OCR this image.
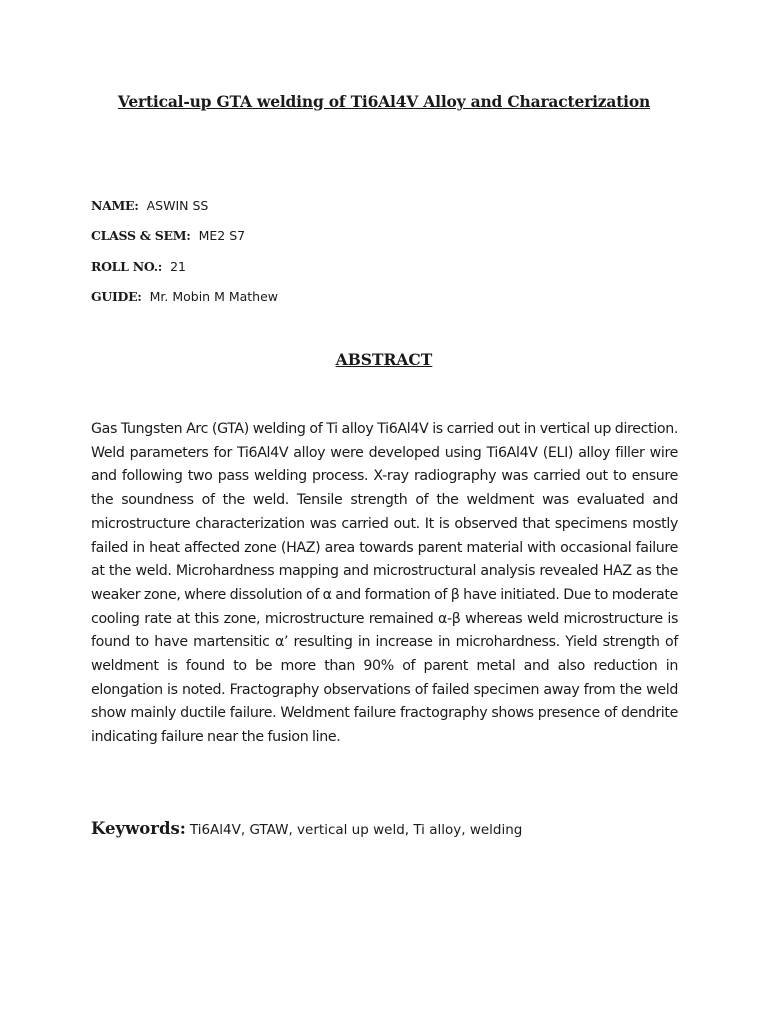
Vertical-up GTA welding of Ti6Al4V Alloy and Characterization
NAME: ASWIN SS
CLASS & SEM: ME2 S7
ROLL NO.: 21
GUIDE: Mr. Mobin M Mathew
ABSTRACT
Gas Tungsten Arc (GTA) welding of Ti alloy Ti6Al4V is carried out in vertical up direction. Weld parameters for Ti6Al4V alloy were developed using Ti6Al4V (ELI) alloy filler wire and following two pass welding process. X-ray radiography was carried out to ensure the soundness of the weld. Tensile strength of the weldment was evaluated and microstructure characterization was carried out. It is observed that specimens mostly failed in heat affected zone (HAZ) area towards parent material with occasional failure at the weld. Microhardness mapping and microstructural analysis revealed HAZ as the weaker zone, where dissolution of α and formation of β have initiated. Due to moderate cooling rate at this zone, microstructure remained α-β whereas weld microstructure is found to have martensitic α’ resulting in increase in microhardness. Yield strength of weldment is found to be more than 90% of parent metal and also reduction in elongation is noted. Fractography observations of failed specimen away from the weld show mainly ductile failure. Weldment failure fractography shows presence of dendrite indicating failure near the fusion line.
Keywords: Ti6Al4V, GTAW, vertical up weld, Ti alloy, welding
